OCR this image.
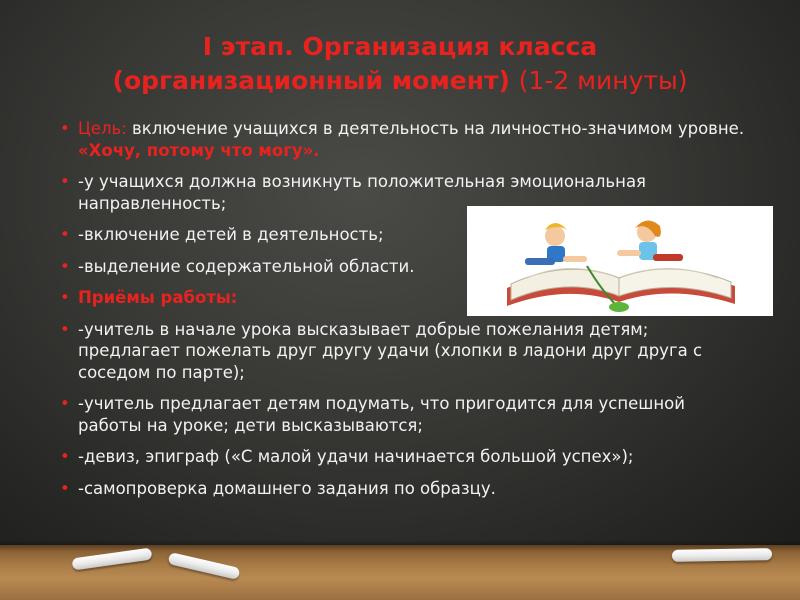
I этап. Организация класса
(организационный момент) (1-2 минуты)
• Цель: включение учащихся в деятельность на личностно-значимом уровне. «Хочу, потому что могу».
• -у учащихся должна возникнуть положительная эмоциональная направленность;
• -включение детей в деятельность;
• -выделение содержательной области.
• Приёмы работы:
• -учитель в начале урока высказывает добрые пожелания детям; предлагает пожелать друг другу удачи (хлопки в ладони друг друга с соседом по парте);
• -учитель предлагает детям подумать, что пригодится для успешной работы на уроке; дети высказываются;
• -девиз, эпиграф («С малой удачи начинается большой успех»);
• -самопроверка домашнего задания по образцу.
